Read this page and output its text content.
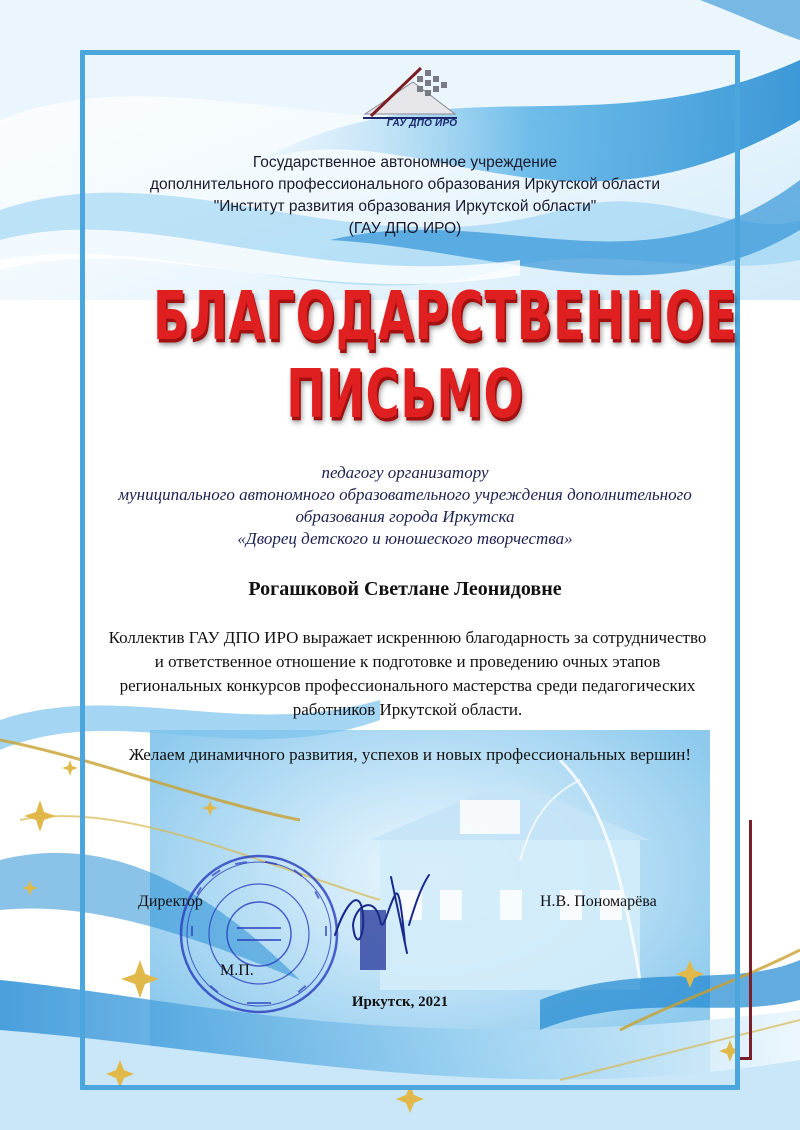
ГАУ ДПО ИРО
Государственное автономное учреждение
дополнительного профессионального образования Иркутской области
"Институт развития образования Иркутской области"
(ГАУ ДПО ИРО)
БЛАГОДАРСТВЕННОЕ
ПИСЬМО
педагогу организатору
муниципального автономного образовательного учреждения дополнительного
образования города Иркутска
«Дворец детского и юношеского творчества»
Рогашковой Светлане Леонидовне
Коллектив ГАУ ДПО ИРО выражает искреннюю благодарность за сотрудничество
и ответственное отношение к подготовке и проведению очных этапов
региональных конкурсов профессионального мастерства среди педагогических
работников Иркутской области.
Желаем динамичного развития, успехов и новых профессиональных вершин!
Директор	Н.В. Пономарёва
М.П.
Иркутск, 2021
